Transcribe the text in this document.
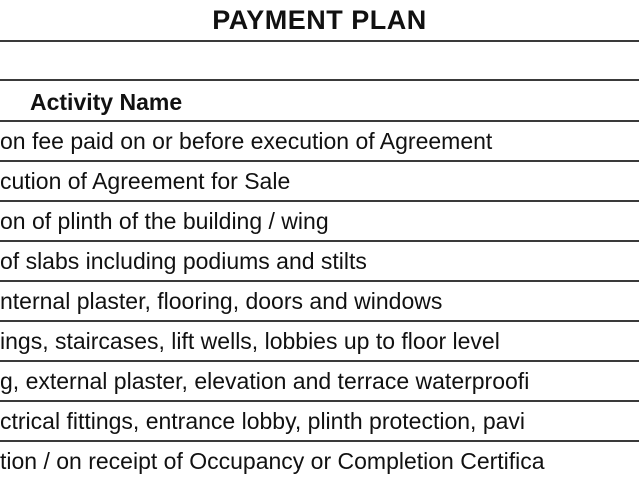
PAYMENT PLAN
Activity Name
on fee paid on or before execution of Agreement
cution of Agreement for Sale
on of plinth of the building / wing
of slabs including podiums and stilts
nternal plaster, flooring, doors and windows
ings, staircases, lift wells, lobbies up to floor level
g, external plaster, elevation and terrace waterproofi
ctrical fittings, entrance lobby, plinth protection, pavi
tion / on receipt of Occupancy or Completion Certifica
